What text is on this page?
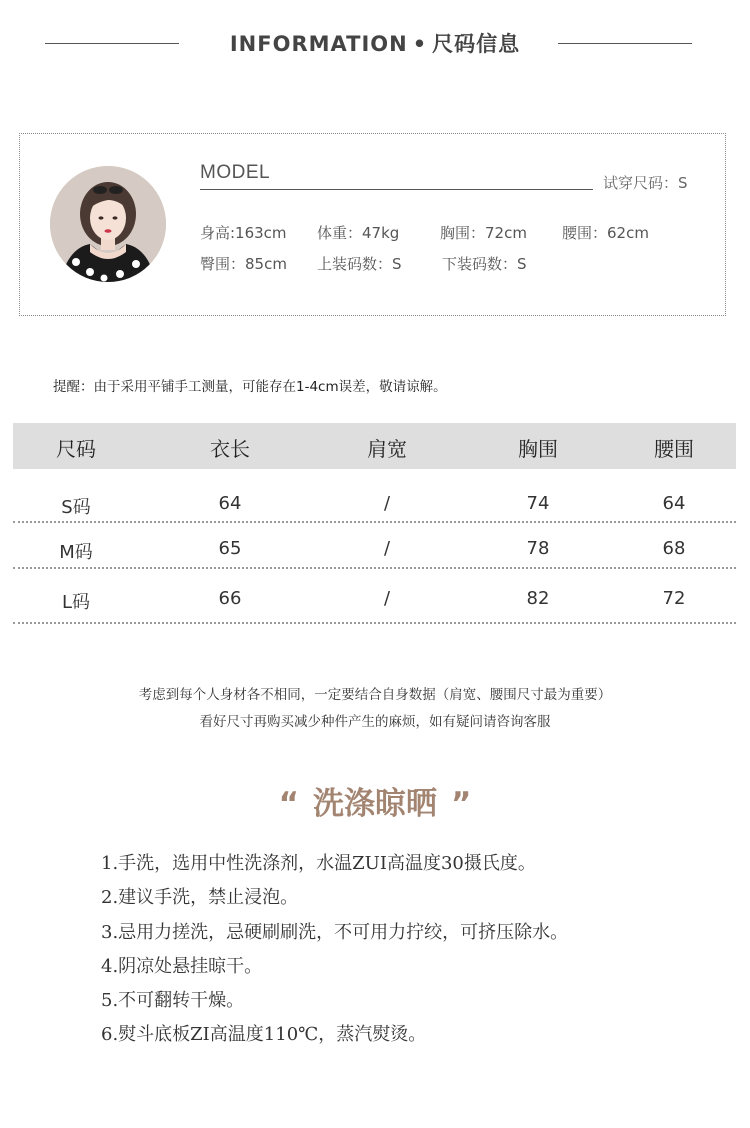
INFORMATION • 尺码信息
MODEL	试穿尺码：S
身高:163cm 体重：47kg	胸围：72cm 腰围：62cm
臀围：85cm 上装码数：S	下装码数：S
提醒：由于采用平铺手工测量，可能存在1-4cm误差，敬请谅解。
尺码	衣长	肩宽	胸围	腰围
S码	64	/	74	64
M码	65	/	78	68
L码	66	/	82	72
考虑到每个人身材各不相同，一定要结合自身数据（肩宽、腰围尺寸最为重要）
看好尺寸再购买减少种件产生的麻烦，如有疑问请咨询客服
“ 洗涤晾晒 ”
1.手洗，选用中性洗涤剂，水温ZUI高温度30摄氏度。
2.建议手洗，禁止浸泡。
3.忌用力搓洗，忌硬刷刷洗，不可用力拧绞，可挤压除水。
4.阴凉处悬挂晾干。
5.不可翻转干燥。
6.熨斗底板ZI高温度110℃，蒸汽熨烫。
